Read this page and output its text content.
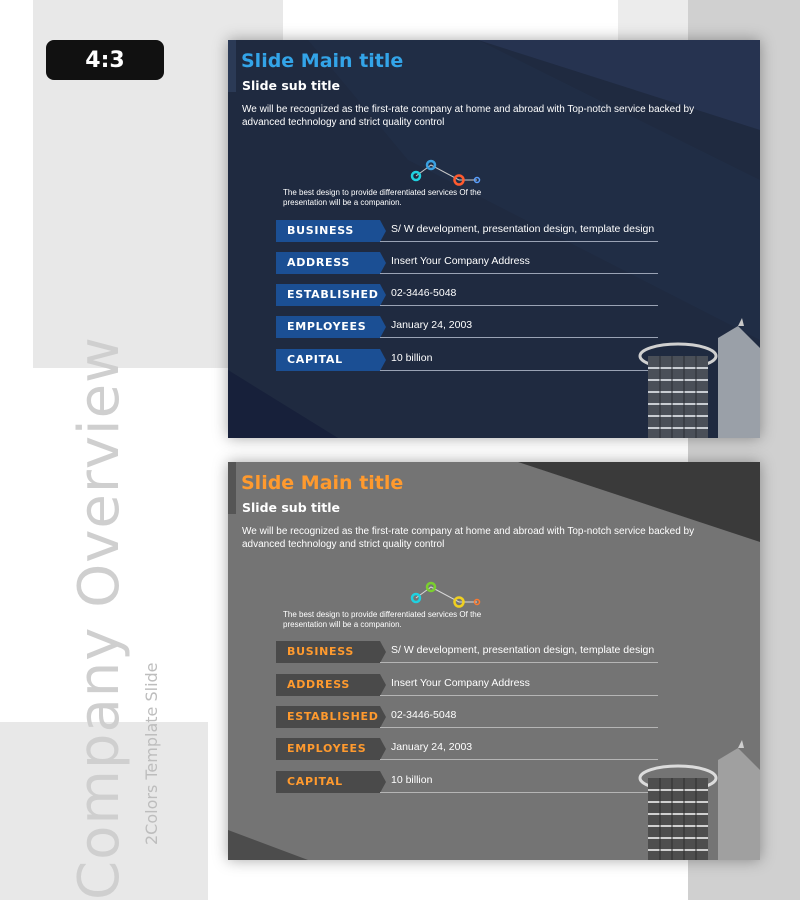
4:3
Company Overview 2Colors Template Slide
Slide Main title
Slide sub title
We will be recognized as the first-rate company at home and abroad with Top-notch service backed by advanced technology and strict quality control
The best design to provide differentiated services Of the presentation will be a companion.
BUSINESS	S/ W development, presentation design, template design
ADDRESS	Insert Your Company Address
ESTABLISHED 02-3446-5048
EMPLOYEES	January 24, 2003
CAPITAL	10 billion
Slide Main title
Slide sub title
We will be recognized as the first-rate company at home and abroad with Top-notch service backed by advanced technology and strict quality control
The best design to provide differentiated services Of the presentation will be a companion.
BUSINESS	S/ W development, presentation design, template design
ADDRESS	Insert Your Company Address
ESTABLISHED 02-3446-5048
EMPLOYEES	January 24, 2003
CAPITAL	10 billion
